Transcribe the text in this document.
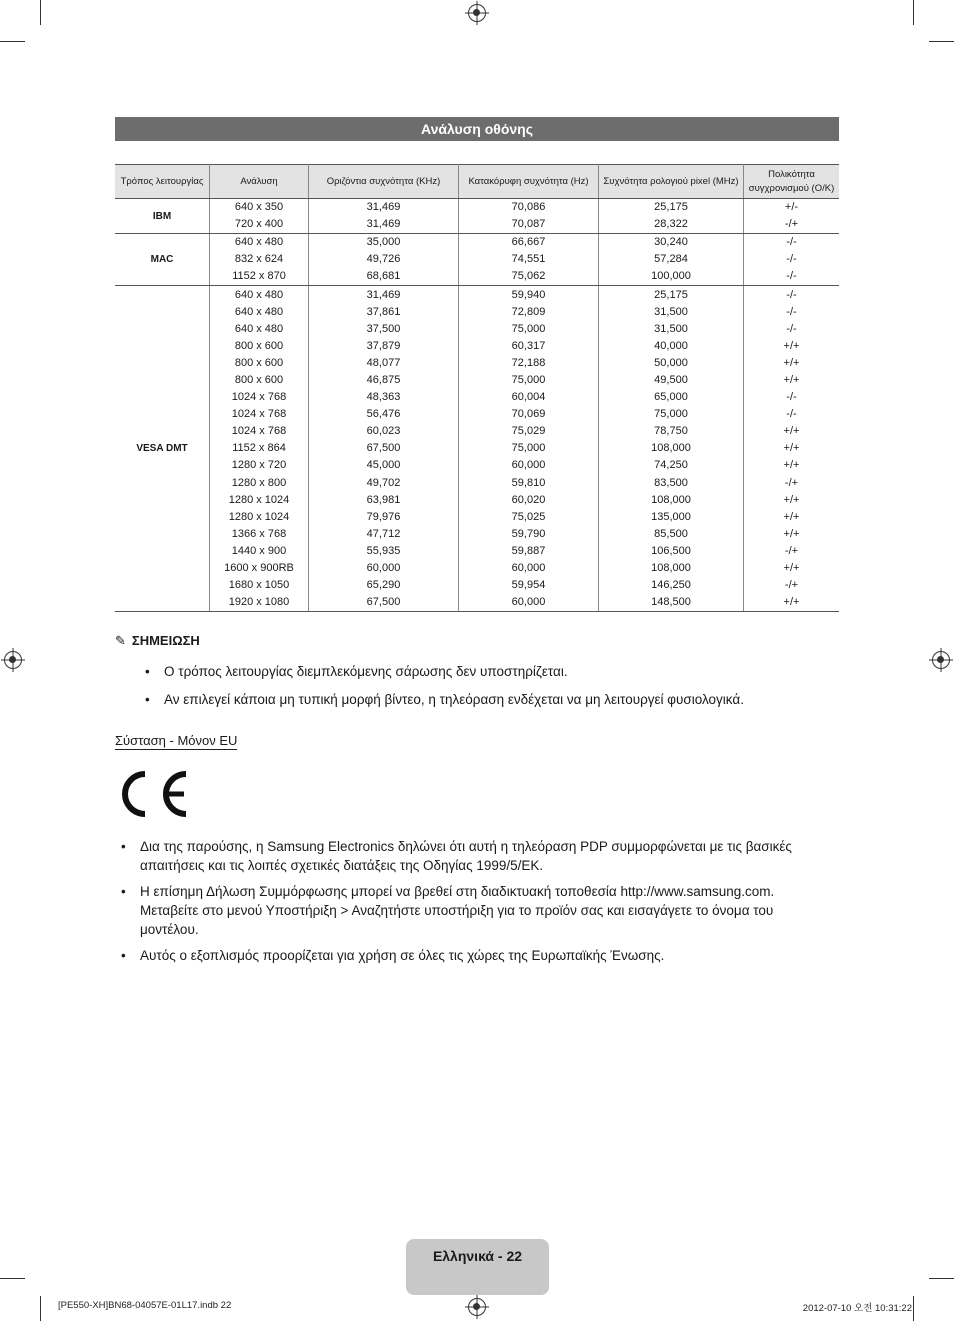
Ανάλυση οθόνης
Τρόπος λειτουργίας	Ανάλυση	Οριζόντια συχνότητα (KHz)	Κατακόρυφη συχνότητα (Hz)	Συχνότητα ρολογιού pixel (MHz)	Πολικότητα συγχρονισμού (Ο/Κ)
IBM	640 x 350	31,469	70,086	25,175	+/-
	720 x 400	31,469	70,087	28,322	-/+
MAC	640 x 480	35,000	66,667	30,240	-/-
	832 x 624	49,726	74,551	57,284	-/-
	1152 x 870	68,681	75,062	100,000	-/-
VESA DMT	640 x 480	31,469	59,940	25,175	-/-
	640 x 480	37,861	72,809	31,500	-/-
	640 x 480	37,500	75,000	31,500	-/-
	800 x 600	37,879	60,317	40,000	+/+
	800 x 600	48,077	72,188	50,000	+/+
	800 x 600	46,875	75,000	49,500	+/+
	1024 x 768	48,363	60,004	65,000	-/-
	1024 x 768	56,476	70,069	75,000	-/-
	1024 x 768	60,023	75,029	78,750	+/+
	1152 x 864	67,500	75,000	108,000	+/+
	1280 x 720	45,000	60,000	74,250	+/+
	1280 x 800	49,702	59,810	83,500	-/+
	1280 x 1024	63,981	60,020	108,000	+/+
	1280 x 1024	79,976	75,025	135,000	+/+
	1366 x 768	47,712	59,790	85,500	+/+
	1440 x 900	55,935	59,887	106,500	-/+
	1600 x 900RB	60,000	60,000	108,000	+/+
	1680 x 1050	65,290	59,954	146,250	-/+
	1920 x 1080	67,500	60,000	148,500	+/+
✎ ΣΗΜΕΙΩΣΗ
• Ο τρόπος λειτουργίας διεμπλεκόμενης σάρωσης δεν υποστηρίζεται.
• Αν επιλεγεί κάποια μη τυπική μορφή βίντεο, η τηλεόραση ενδέχεται να μη λειτουργεί φυσιολογικά.
Σύσταση - Μόνον EU
• Δια της παρούσης, η Samsung Electronics δηλώνει ότι αυτή η τηλεόραση PDP συμμορφώνεται με τις βασικές απαιτήσεις και τις λοιπές σχετικές διατάξεις της Οδηγίας 1999/5/ΕΚ.
• Η επίσημη Δήλωση Συμμόρφωσης μπορεί να βρεθεί στη διαδικτυακή τοποθεσία http://www.samsung.com. Μεταβείτε στο μενού Υποστήριξη > Αναζητήστε υποστήριξη για το προϊόν σας και εισαγάγετε το όνομα του μοντέλου.
• Αυτός ο εξοπλισμός προορίζεται για χρήση σε όλες τις χώρες της Ευρωπαϊκής Ένωσης.
Ελληνικά - 22
[PE550-XH]BN68-04057E-01L17.indb 22	2012-07-10 오전 10:31:22
